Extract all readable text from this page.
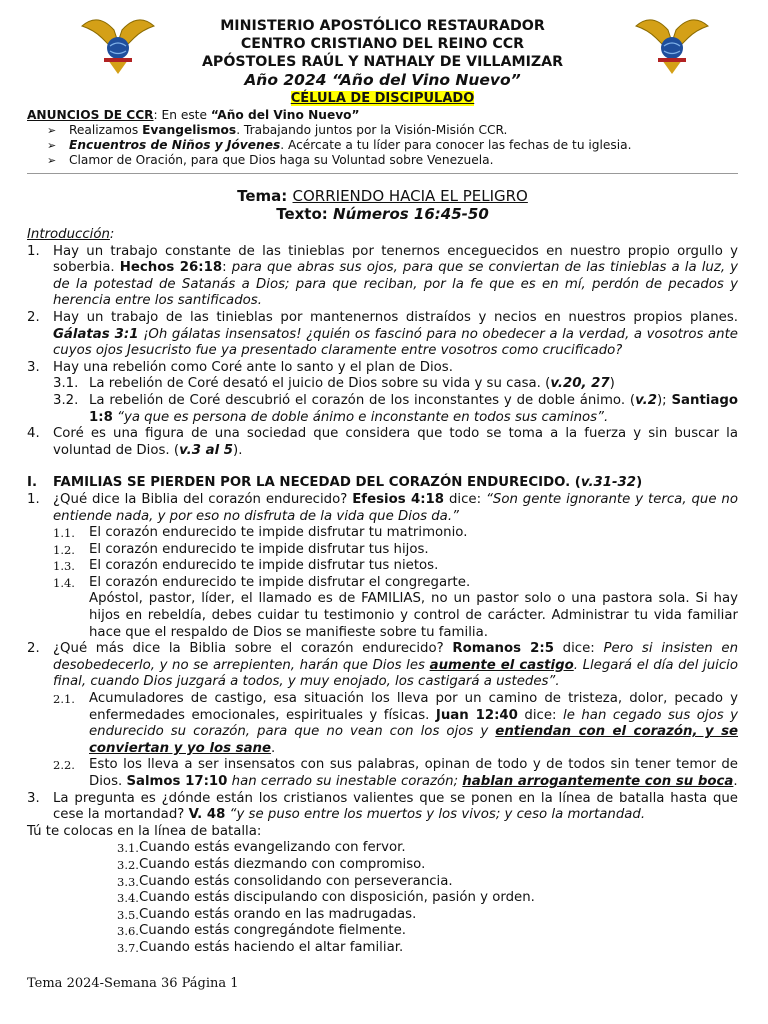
MINISTERIO APOSTÓLICO RESTAURADOR
CENTRO CRISTIANO DEL REINO CCR
APÓSTOLES RAÚL Y NATHALY DE VILLAMIZAR
Año 2024 “Año del Vino Nuevo”
CÉLULA DE DISCIPULADO
ANUNCIOS DE CCR: En este “Año del Vino Nuevo”
➢ Realizamos Evangelismos. Trabajando juntos por la Visión-Misión CCR.
➢ Encuentros de Niños y Jóvenes. Acércate a tu líder para conocer las fechas de tu iglesia.
➢ Clamor de Oración, para que Dios haga su Voluntad sobre Venezuela.
Tema: CORRIENDO HACIA EL PELIGRO
Texto: Números 16:45-50
Introducción:
1.	Hay un trabajo constante de las tinieblas por tenernos enceguecidos en nuestro propio orgullo y soberbia. Hechos 26:18: para que abras sus ojos, para que se conviertan de las tinieblas a la luz, y de la potestad de Satanás a Dios; para que reciban, por la fe que es en mí, perdón de pecados y herencia entre los santificados.
2.	Hay un trabajo de las tinieblas por mantenernos distraídos y necios en nuestros propios planes. Gálatas 3:1 ¡Oh gálatas insensatos! ¿quién os fascinó para no obedecer a la verdad, a vosotros ante cuyos ojos Jesucristo fue ya presentado claramente entre vosotros como crucificado?
3.	Hay una rebelión como Coré ante lo santo y el plan de Dios.
3.1. La rebelión de Coré desató el juicio de Dios sobre su vida y su casa. (v.20, 27)
3.2. La rebelión de Coré descubrió el corazón de los inconstantes y de doble ánimo. (v.2); Santiago 1:8 “ya que es persona de doble ánimo e inconstante en todos sus caminos”.
4.	Coré es una figura de una sociedad que considera que todo se toma a la fuerza y sin buscar la voluntad de Dios. (v.3 al 5).
I.	FAMILIAS SE PIERDEN POR LA NECEDAD DEL CORAZÓN ENDURECIDO. (v.31-32)
1.	¿Qué dice la Biblia del corazón endurecido? Efesios 4:18 dice: “Son gente ignorante y terca, que no entiende nada, y por eso no disfruta de la vida que Dios da.”
1.1.	El corazón endurecido te impide disfrutar tu matrimonio.
1.2.	El corazón endurecido te impide disfrutar tus hijos.
1.3.	El corazón endurecido te impide disfrutar tus nietos.
1.4.	El corazón endurecido te impide disfrutar el congregarte.
Apóstol, pastor, líder, el llamado es de FAMILIAS, no un pastor solo o una pastora sola. Si hay hijos en rebeldía, debes cuidar tu testimonio y control de carácter. Administrar tu vida familiar hace que el respaldo de Dios se manifieste sobre tu familia.
2.	¿Qué más dice la Biblia sobre el corazón endurecido? Romanos 2:5 dice: Pero si insisten en desobedecerlo, y no se arrepienten, harán que Dios les aumente el castigo. Llegará el día del juicio final, cuando Dios juzgará a todos, y muy enojado, los castigará a ustedes”.
2.1.	Acumuladores de castigo, esa situación los lleva por un camino de tristeza, dolor, pecado y enfermedades emocionales, espirituales y físicas. Juan 12:40 dice: le han cegado sus ojos y endurecido su corazón, para que no vean con los ojos y entiendan con el corazón, y se conviertan y yo los sane.
2.2.	Esto los lleva a ser insensatos con sus palabras, opinan de todo y de todos sin tener temor de Dios. Salmos 17:10 han cerrado su inestable corazón; hablan arrogantemente con su boca.
3.	La pregunta es ¿dónde están los cristianos valientes que se ponen en la línea de batalla hasta que cese la mortandad? V. 48 “y se puso entre los muertos y los vivos; y ceso la mortandad.
Tú te colocas en la línea de batalla:
3.1. Cuando estás evangelizando con fervor.
3.2. Cuando estás diezmando con compromiso.
3.3. Cuando estás consolidando con perseverancia.
3.4. Cuando estás discipulando con disposición, pasión y orden.
3.5. Cuando estás orando en las madrugadas.
3.6. Cuando estás congregándote fielmente.
3.7. Cuando estás haciendo el altar familiar.
Tema 2024-Semana 36 Página 1
